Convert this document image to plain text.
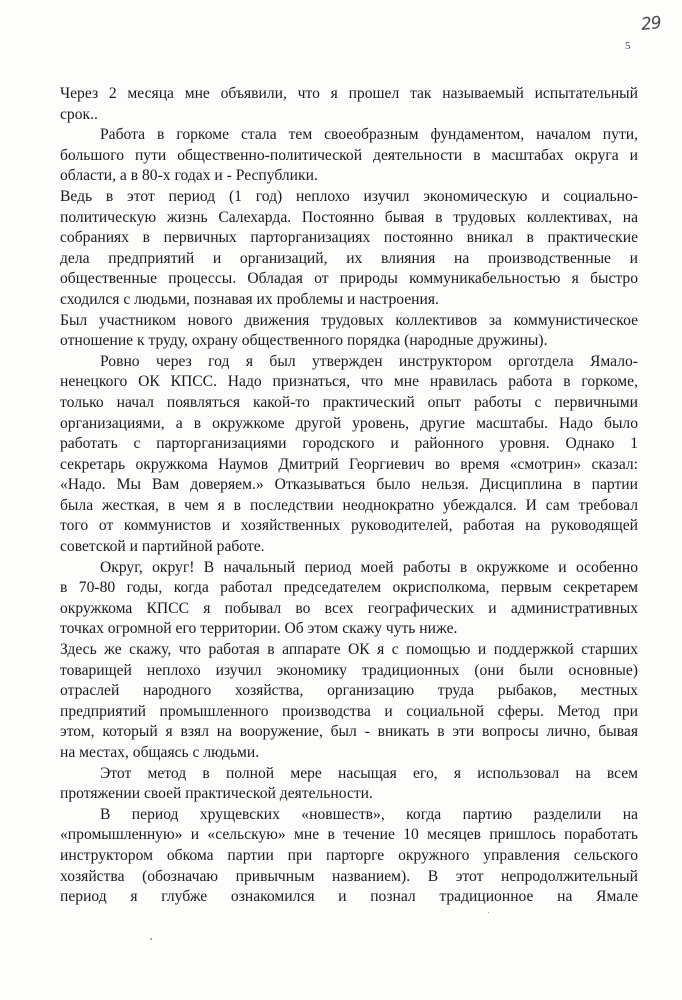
29
5

Через 2 месяца мне объявили, что я прошел так называемый испытательный
срок..

Работа в горкоме стала тем своеобразным фундаментом, началом пути,
большого пути общественно-политической деятельности в масштабах округа и
области, а в 80-х годах и - Республики.

Ведь в этот период (1 год) неплохо изучил экономическую и социально-
политическую жизнь Салехарда. Постоянно бывая в трудовых коллективах, на
собраниях в первичных парторганизациях постоянно вникал в практические
дела предприятий и организаций, их влияния на производственные и
общественные процессы. Обладая от природы коммуникабельностью я быстро
сходился с людьми, познавая их проблемы и настроения.

Был участником нового движения трудовых коллективов за коммунистическое
отношение к труду, охрану общественного порядка (народные дружины).

Ровно через год я был утвержден инструктором орготдела Ямало-
ненецкого ОК КПСС. Надо признаться, что мне нравилась работа в горкоме,
только начал появляться какой-то практический опыт работы с первичными
организациями, а в окружкоме другой уровень, другие масштабы. Надо было
работать с парторганизациями городского и районного уровня. Однако 1
секретарь окружкома Наумов Дмитрий Георгиевич во время «смотрин» сказал:
«Надо. Мы Вам доверяем.» Отказываться было нельзя. Дисциплина в партии
была жесткая, в чем я в последствии неоднократно убеждался. И сам требовал
того от коммунистов и хозяйственных руководителей, работая на руководящей
советской и партийной работе.

Округ, округ! В начальный период моей работы в окружкоме и особенно
в 70-80 годы, когда работал председателем окрисполкома, первым секретарем
окружкома КПСС я побывал во всех географических и административных
точках огромной его территории. Об этом скажу чуть ниже.

Здесь же скажу, что работая в аппарате ОК я с помощью и поддержкой старших
товарищей неплохо изучил экономику традиционных (они были основные)
отраслей народного хозяйства, организацию труда рыбаков, местных
предприятий промышленного производства и социальной сферы. Метод при
этом, который я взял на вооружение, был - вникать в эти вопросы лично, бывая
на местах, общаясь с людьми.

Этот метод в полной мере насыщая его, я использовал на всем
протяжении своей практической деятельности.

В период хрущевских «новшеств», когда партию разделили на
«промышленную» и «сельскую» мне в течение 10 месяцев пришлось поработать
инструктором обкома партии при парторге окружного управления сельского
хозяйства (обозначаю привычным названием). В этот непродолжительный
период я глубже ознакомился и познал традиционное на Ямале
